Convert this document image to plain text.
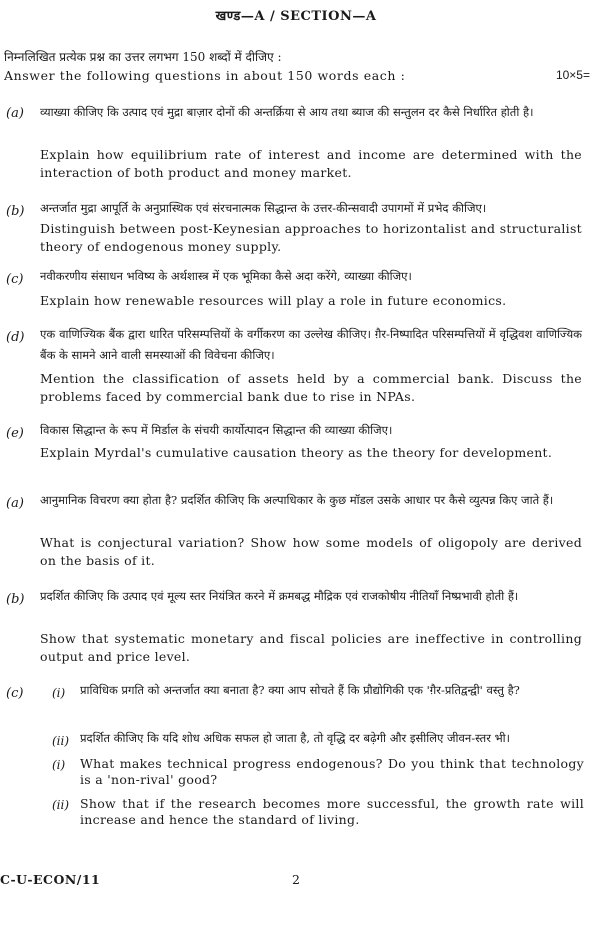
खण्ड—A / SECTION—A
निम्नलिखित प्रत्येक प्रश्न का उत्तर लगभग 150 शब्दों में दीजिए :
Answer the following questions in about 150 words each :	10×5=
(a) व्याख्या कीजिए कि उत्पाद एवं मुद्रा बाज़ार दोनों की अन्तर्क्रिया से आय तथा ब्याज की सन्तुलन दर कैसे निर्धारित होती है।
Explain how equilibrium rate of interest and income are determined with the interaction of both product and money market.
(b) अन्तर्जात मुद्रा आपूर्ति के अनुप्रास्थिक एवं संरचनात्मक सिद्धान्त के उत्तर-कीन्सवादी उपागमों में प्रभेद कीजिए।
Distinguish between post-Keynesian approaches to horizontalist and structuralist theory of endogenous money supply.
(c) नवीकरणीय संसाधन भविष्य के अर्थशास्त्र में एक भूमिका कैसे अदा करेंगे, व्याख्या कीजिए।
Explain how renewable resources will play a role in future economics.
(d) एक वाणिज्यिक बैंक द्वारा धारित परिसम्पत्तियों के वर्गीकरण का उल्लेख कीजिए। ग़ैर-निष्पादित परिसम्पत्तियों में वृद्धिवश वाणिज्यिक बैंक के सामने आने वाली समस्याओं की विवेचना कीजिए।
Mention the classification of assets held by a commercial bank. Discuss the problems faced by commercial bank due to rise in NPAs.
(e) विकास सिद्धान्त के रूप में मिर्डाल के संचयी कार्योत्पादन सिद्धान्त की व्याख्या कीजिए।
Explain Myrdal's cumulative causation theory as the theory for development.
(a) आनुमानिक विचरण क्या होता है? प्रदर्शित कीजिए कि अल्पाधिकार के कुछ मॉडल उसके आधार पर कैसे व्युत्पन्न किए जाते हैं।
What is conjectural variation? Show how some models of oligopoly are derived on the basis of it.
(b) प्रदर्शित कीजिए कि उत्पाद एवं मूल्य स्तर नियंत्रित करने में क्रमबद्ध मौद्रिक एवं राजकोषीय नीतियाँ निष्प्रभावी होती हैं।
Show that systematic monetary and fiscal policies are ineffective in controlling output and price level.
(c) (i) प्राविधिक प्रगति को अन्तर्जात क्या बनाता है? क्या आप सोचते हैं कि प्रौद्योगिकी एक 'ग़ैर-प्रतिद्वन्द्वी' वस्तु है?
(ii) प्रदर्शित कीजिए कि यदि शोध अधिक सफल हो जाता है, तो वृद्धि दर बढ़ेगी और इसीलिए जीवन-स्तर भी।
(i) What makes technical progress endogenous? Do you think that technology is a 'non-rival' good?
(ii) Show that if the research becomes more successful, the growth rate will increase and hence the standard of living.
C-U-ECON/11	2
